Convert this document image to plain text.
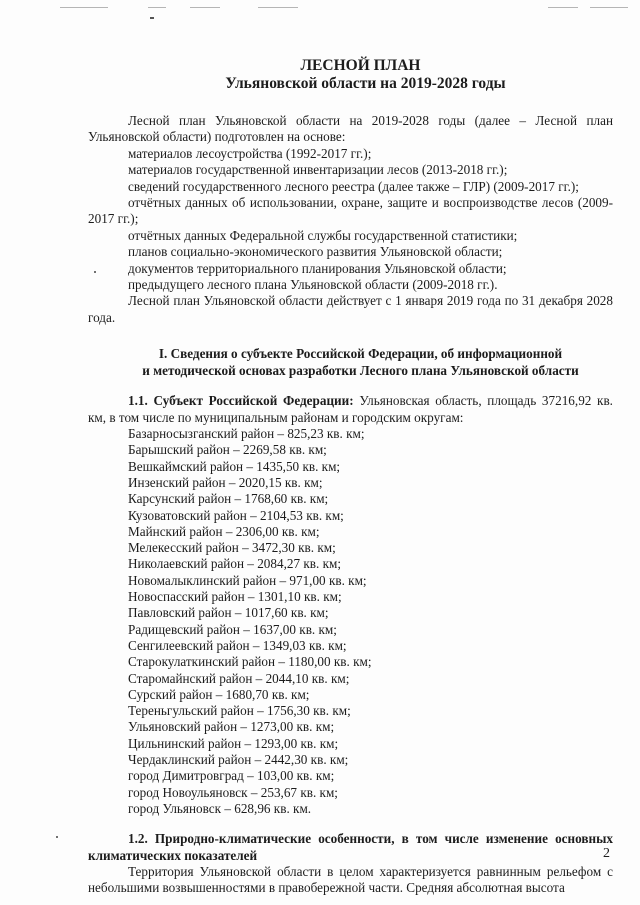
ЛЕСНОЙ ПЛАН
Ульяновской области на 2019-2028 годы
Лесной план Ульяновской области на 2019-2028 годы (далее – Лесной план Ульяновской области) подготовлен на основе:
материалов лесоустройства (1992-2017 гг.);
материалов государственной инвентаризации лесов (2013-2018 гг.);
сведений государственного лесного реестра (далее также – ГЛР) (2009-2017 гг.);
отчётных данных об использовании, охране, защите и воспроизводстве лесов (2009-2017 гг.);
отчётных данных Федеральной службы государственной статистики;
планов социально-экономического развития Ульяновской области;
документов территориального планирования Ульяновской области;
предыдущего лесного плана Ульяновской области (2009-2018 гг.).
Лесной план Ульяновской области действует с 1 января 2019 года по 31 декабря 2028 года.
I. Сведения о субъекте Российской Федерации, об информационной
и методической основах разработки Лесного плана Ульяновской области
1.1. Субъект Российской Федерации: Ульяновская область, площадь 37216,92 кв. км, в том числе по муниципальным районам и городским округам:
Базарносызганский район – 825,23 кв. км;
Барышский район – 2269,58 кв. км;
Вешкаймский район – 1435,50 кв. км;
Инзенский район – 2020,15 кв. км;
Карсунский район – 1768,60 кв. км;
Кузоватовский район – 2104,53 кв. км;
Майнский район – 2306,00 кв. км;
Мелекесский район – 3472,30 кв. км;
Николаевский район – 2084,27 кв. км;
Новомалыклинский район – 971,00 кв. км;
Новоспасский район – 1301,10 кв. км;
Павловский район – 1017,60 кв. км;
Радищевский район – 1637,00 кв. км;
Сенгилеевский район – 1349,03 кв. км;
Старокулаткинский район – 1180,00 кв. км;
Старомайнский район – 2044,10 кв. км;
Сурский район – 1680,70 кв. км;
Тереньгульский район – 1756,30 кв. км;
Ульяновский район – 1273,00 кв. км;
Цильнинский район – 1293,00 кв. км;
Чердаклинский район – 2442,30 кв. км;
город Димитровград – 103,00 кв. км;
город Новоульяновск – 253,67 кв. км;
город Ульяновск – 628,96 кв. км.
1.2. Природно-климатические особенности, в том числе изменение основных климатических показателей
Территория Ульяновской области в целом характеризуется равнинным рельефом с небольшими возвышенностями в правобережной части. Средняя абсолютная высота
2
